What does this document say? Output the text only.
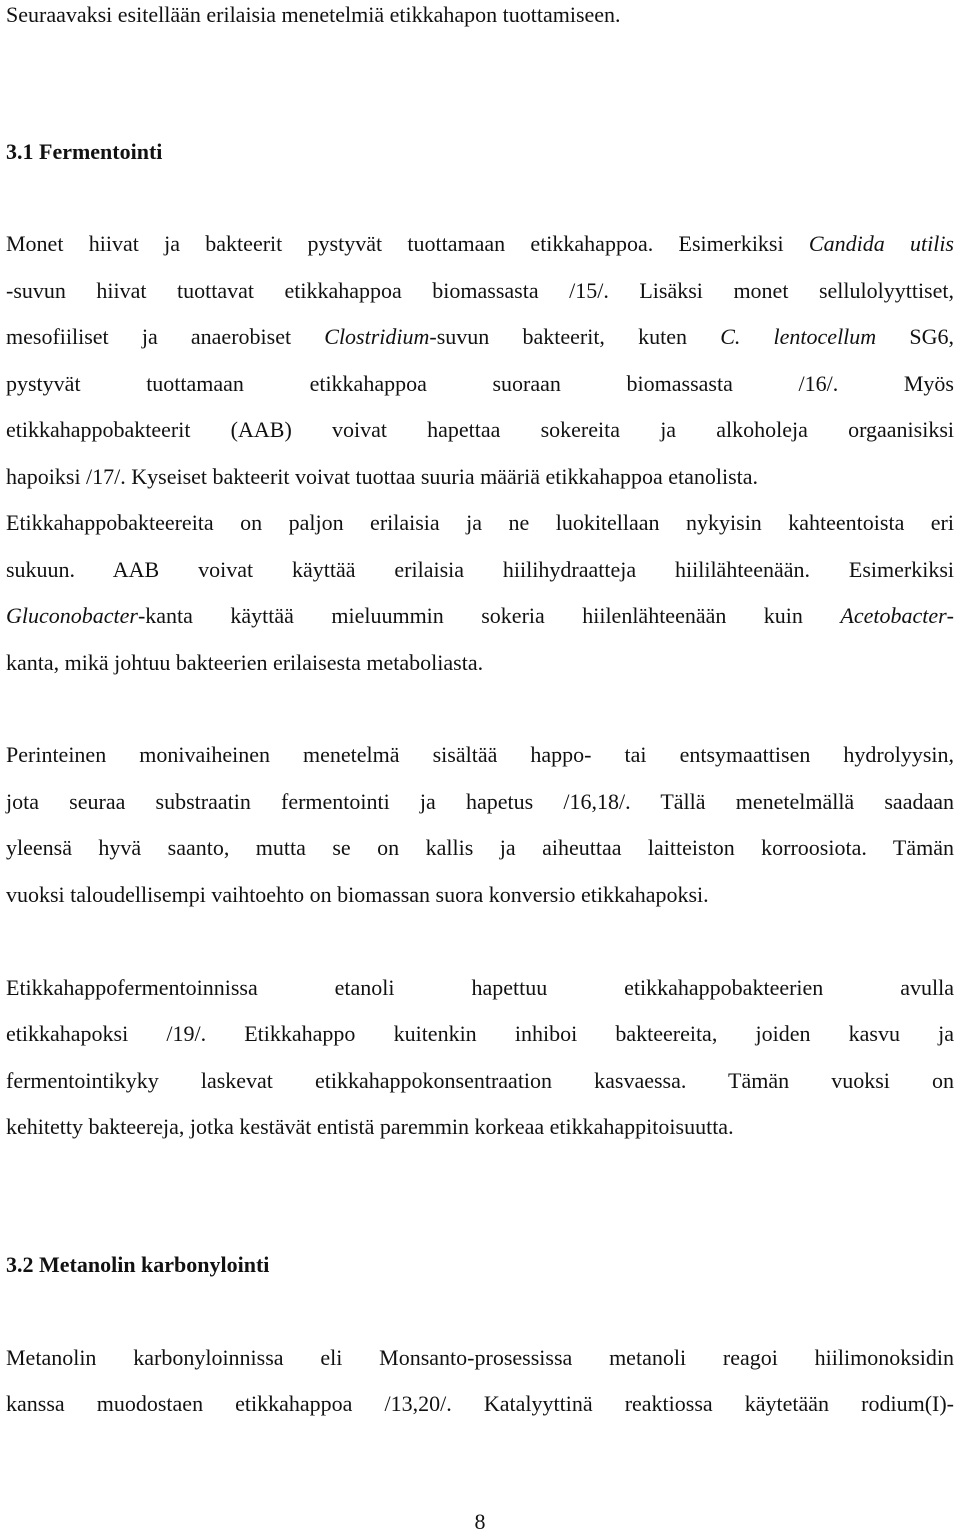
Seuraavaksi esitellään erilaisia menetelmiä etikkahapon tuottamiseen.
3.1 Fermentointi
Monet hiivat ja bakteerit pystyvät tuottamaan etikkahappoa. Esimerkiksi Candida utilis
-suvun hiivat tuottavat etikkahappoa biomassasta /15/. Lisäksi monet sellulolyyttiset,
mesofiiliset ja anaerobiset Clostridium-suvun bakteerit, kuten C. lentocellum SG6,
pystyvät tuottamaan etikkahappoa suoraan biomassasta /16/. Myös
etikkahappobakteerit (AAB) voivat hapettaa sokereita ja alkoholeja orgaanisiksi
hapoiksi /17/. Kyseiset bakteerit voivat tuottaa suuria määriä etikkahappoa etanolista.
Etikkahappobakteereita on paljon erilaisia ja ne luokitellaan nykyisin kahteentoista eri
sukuun. AAB voivat käyttää erilaisia hiilihydraatteja hiililähteenään. Esimerkiksi
Gluconobacter-kanta käyttää mieluummin sokeria hiilenlähteenään kuin Acetobacter-
kanta, mikä johtuu bakteerien erilaisesta metaboliasta.
Perinteinen monivaiheinen menetelmä sisältää happo- tai entsymaattisen hydrolyysin,
jota seuraa substraatin fermentointi ja hapetus /16,18/. Tällä menetelmällä saadaan
yleensä hyvä saanto, mutta se on kallis ja aiheuttaa laitteiston korroosiota. Tämän
vuoksi taloudellisempi vaihtoehto on biomassan suora konversio etikkahapoksi.
Etikkahappofermentoinnissa etanoli hapettuu etikkahappobakteerien avulla
etikkahapoksi /19/. Etikkahappo kuitenkin inhiboi bakteereita, joiden kasvu ja
fermentointikyky laskevat etikkahappokonsentraation kasvaessa. Tämän vuoksi on
kehitetty bakteereja, jotka kestävät entistä paremmin korkeaa etikkahappitoisuutta.
3.2 Metanolin karbonylointi
Metanolin karbonyloinnissa eli Monsanto-prosessissa metanoli reagoi hiilimonoksidin
kanssa muodostaen etikkahappoa /13,20/. Katalyyttinä reaktiossa käytetään rodium(I)-
8
